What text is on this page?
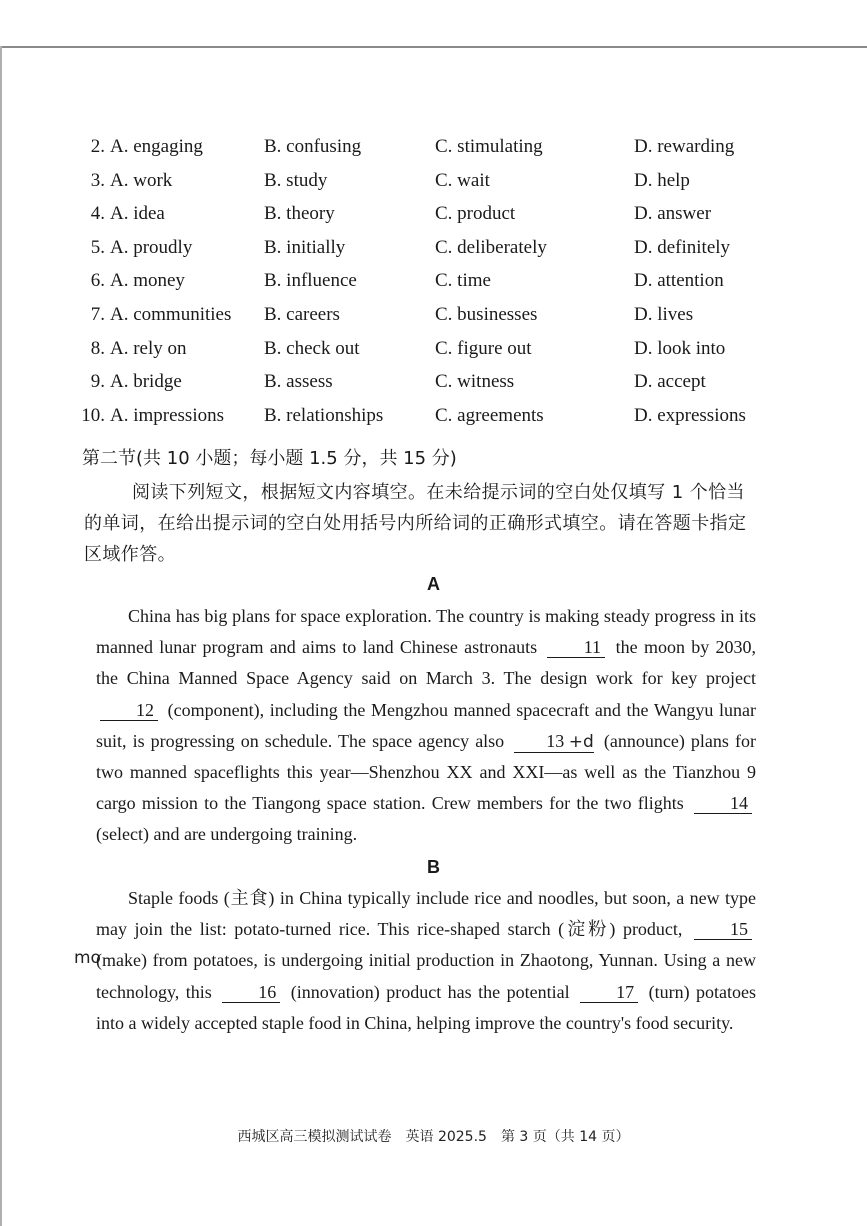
2. A. engaging	B. confusing	C. stimulating	D. rewarding
3. A. work	B. study	C. wait	D. help
4. A. idea	B. theory	C. product	D. answer
5. A. proudly	B. initially	C. deliberately	D. definitely
6. A. money	B. influence	C. time	D. attention
7. A. communities B. careers	C. businesses	D. lives
8. A. rely on	B. check out	C. figure out	D. look into
9. A. bridge	B. assess	C. witness	D. accept
10. A. impressions B. relationships	C. agreements	D. expressions
第二节(共 10 小题；每小题 1.5 分，共 15 分)
阅读下列短文，根据短文内容填空。在未给提示词的空白处仅填写 1 个恰当的单词，在给出提示词的空白处用括号内所给词的正确形式填空。请在答题卡指定区域作答。
A

China has big plans for space exploration. The country is making steady progress in its manned lunar program and aims to land Chinese astronauts	11 the moon by 2030, the China Manned Space Agency said on March 3. The design work for key project 12 (component), including the Mengzhou manned spacecraft and the Wangyu lunar suit, is progressing on schedule. The space agency also 13 +d (announce) plans for two manned spaceflights this year—Shenzhou XX and XXI—as well as the Tianzhou 9 cargo mission to the Tiangong space station. Crew members for the two flights	14 (select) and are undergoing training.

B
mo

Staple foods (主食) in China typically include rice and noodles, but soon, a new type may join the list: potato-turned rice. This rice-shaped starch (淀粉) product,	15 (make) from potatoes, is undergoing initial production in Zhaotong, Yunnan. Using a new technology, this	16 (innovation) product has the potential	17 (turn) potatoes into a widely accepted staple food in China, helping improve the country's food security.

西城区高三模拟测试试卷　英语 2025.5　第 3 页（共 14 页）
